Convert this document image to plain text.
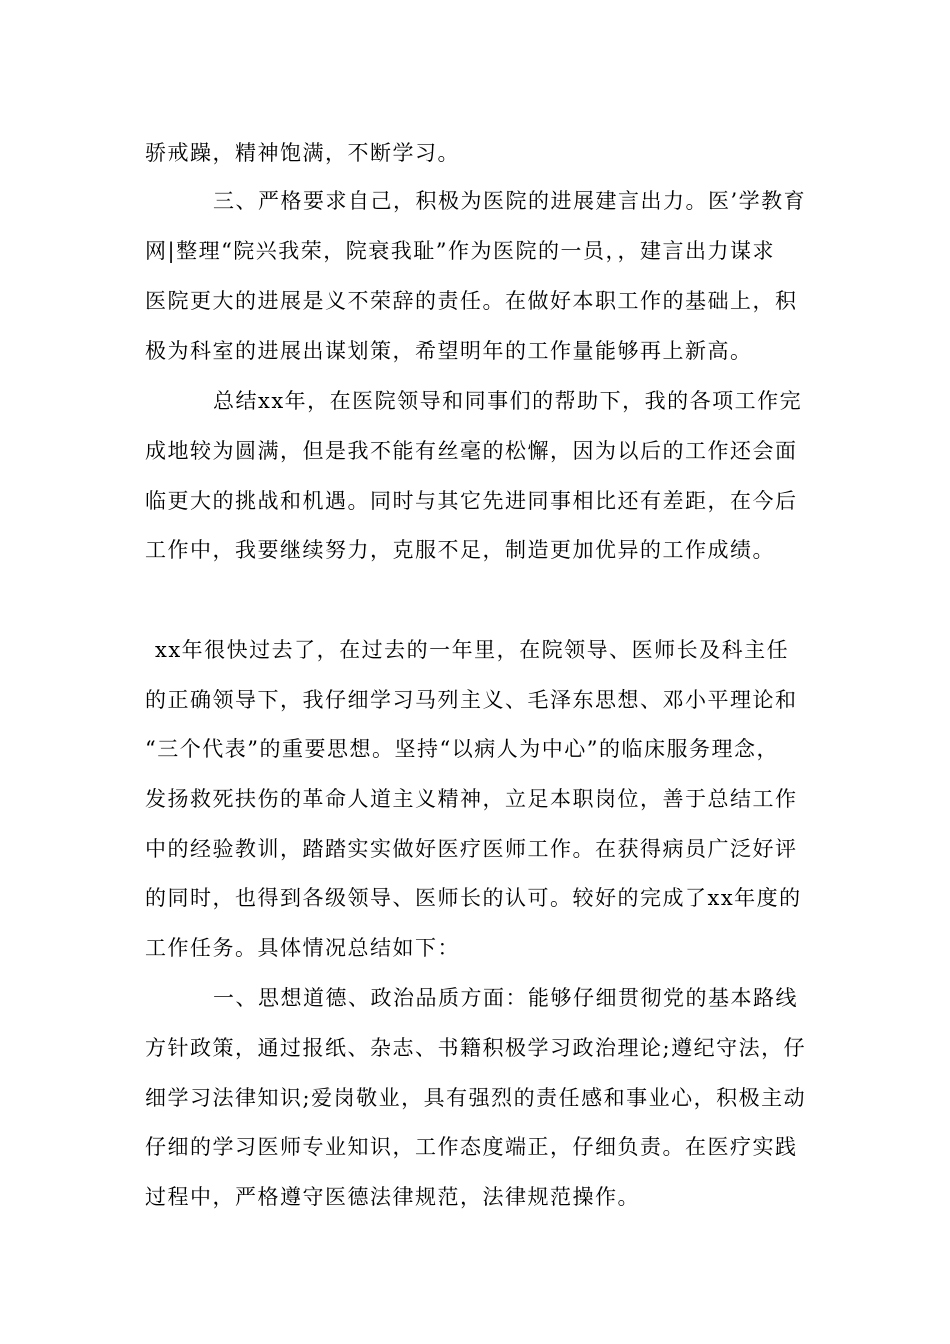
骄戒躁，精神饱满，不断学习。
三、严格要求自己，积极为医院的进展建言出力。医’学教育
网|整理“院兴我荣，院衰我耻”作为医院的一员，，建言出力谋求
医院更大的进展是义不荣辞的责任。在做好本职工作的基础上，积
极为科室的进展出谋划策，希望明年的工作量能够再上新高。
总结xx年，在医院领导和同事们的帮助下，我的各项工作完
成地较为圆满，但是我不能有丝毫的松懈，因为以后的工作还会面
临更大的挑战和机遇。同时与其它先进同事相比还有差距，在今后
工作中，我要继续努力，克服不足，制造更加优异的工作成绩。
xx年很快过去了，在过去的一年里，在院领导、医师长及科主任
的正确领导下，我仔细学习马列主义、毛泽东思想、邓小平理论和
“三个代表”的重要思想。坚持“以病人为中心”的临床服务理念，
发扬救死扶伤的革命人道主义精神，立足本职岗位，善于总结工作
中的经验教训，踏踏实实做好医疗医师工作。在获得病员广泛好评
的同时，也得到各级领导、医师长的认可。较好的完成了xx年度的
工作任务。具体情况总结如下：
一、思想道德、政治品质方面：能够仔细贯彻党的基本路线
方针政策，通过报纸、杂志、书籍积极学习政治理论;遵纪守法，仔
细学习法律知识;爱岗敬业，具有强烈的责任感和事业心，积极主动
仔细的学习医师专业知识，工作态度端正，仔细负责。在医疗实践
过程中，严格遵守医德法律规范，法律规范操作。
